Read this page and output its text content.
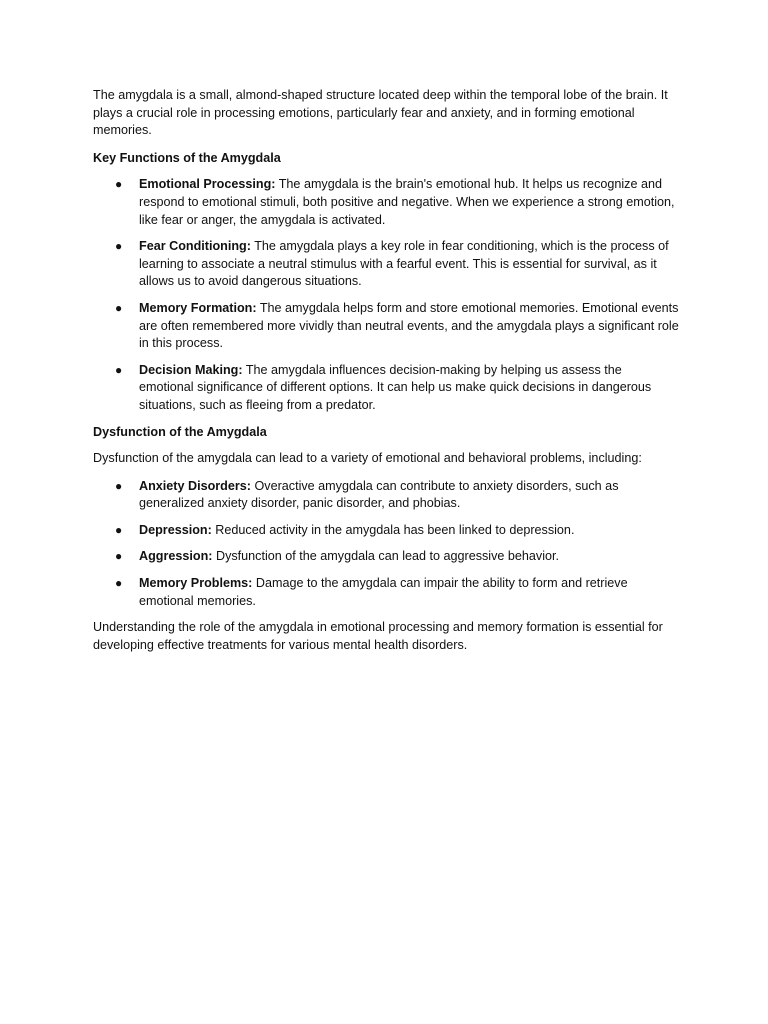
The amygdala is a small, almond-shaped structure located deep within the temporal lobe of the brain. It plays a crucial role in processing emotions, particularly fear and anxiety, and in forming emotional memories.

Key Functions of the Amygdala

● Emotional Processing: The amygdala is the brain's emotional hub. It helps us recognize and respond to emotional stimuli, both positive and negative. When we experience a strong emotion, like fear or anger, the amygdala is activated.
● Fear Conditioning: The amygdala plays a key role in fear conditioning, which is the process of learning to associate a neutral stimulus with a fearful event. This is essential for survival, as it allows us to avoid dangerous situations.
● Memory Formation: The amygdala helps form and store emotional memories. Emotional events are often remembered more vividly than neutral events, and the amygdala plays a significant role in this process.
● Decision Making: The amygdala influences decision-making by helping us assess the emotional significance of different options. It can help us make quick decisions in dangerous situations, such as fleeing from a predator.

Dysfunction of the Amygdala

Dysfunction of the amygdala can lead to a variety of emotional and behavioral problems, including:

● Anxiety Disorders: Overactive amygdala can contribute to anxiety disorders, such as generalized anxiety disorder, panic disorder, and phobias.
● Depression: Reduced activity in the amygdala has been linked to depression.
● Aggression: Dysfunction of the amygdala can lead to aggressive behavior.
● Memory Problems: Damage to the amygdala can impair the ability to form and retrieve emotional memories.

Understanding the role of the amygdala in emotional processing and memory formation is essential for developing effective treatments for various mental health disorders.
